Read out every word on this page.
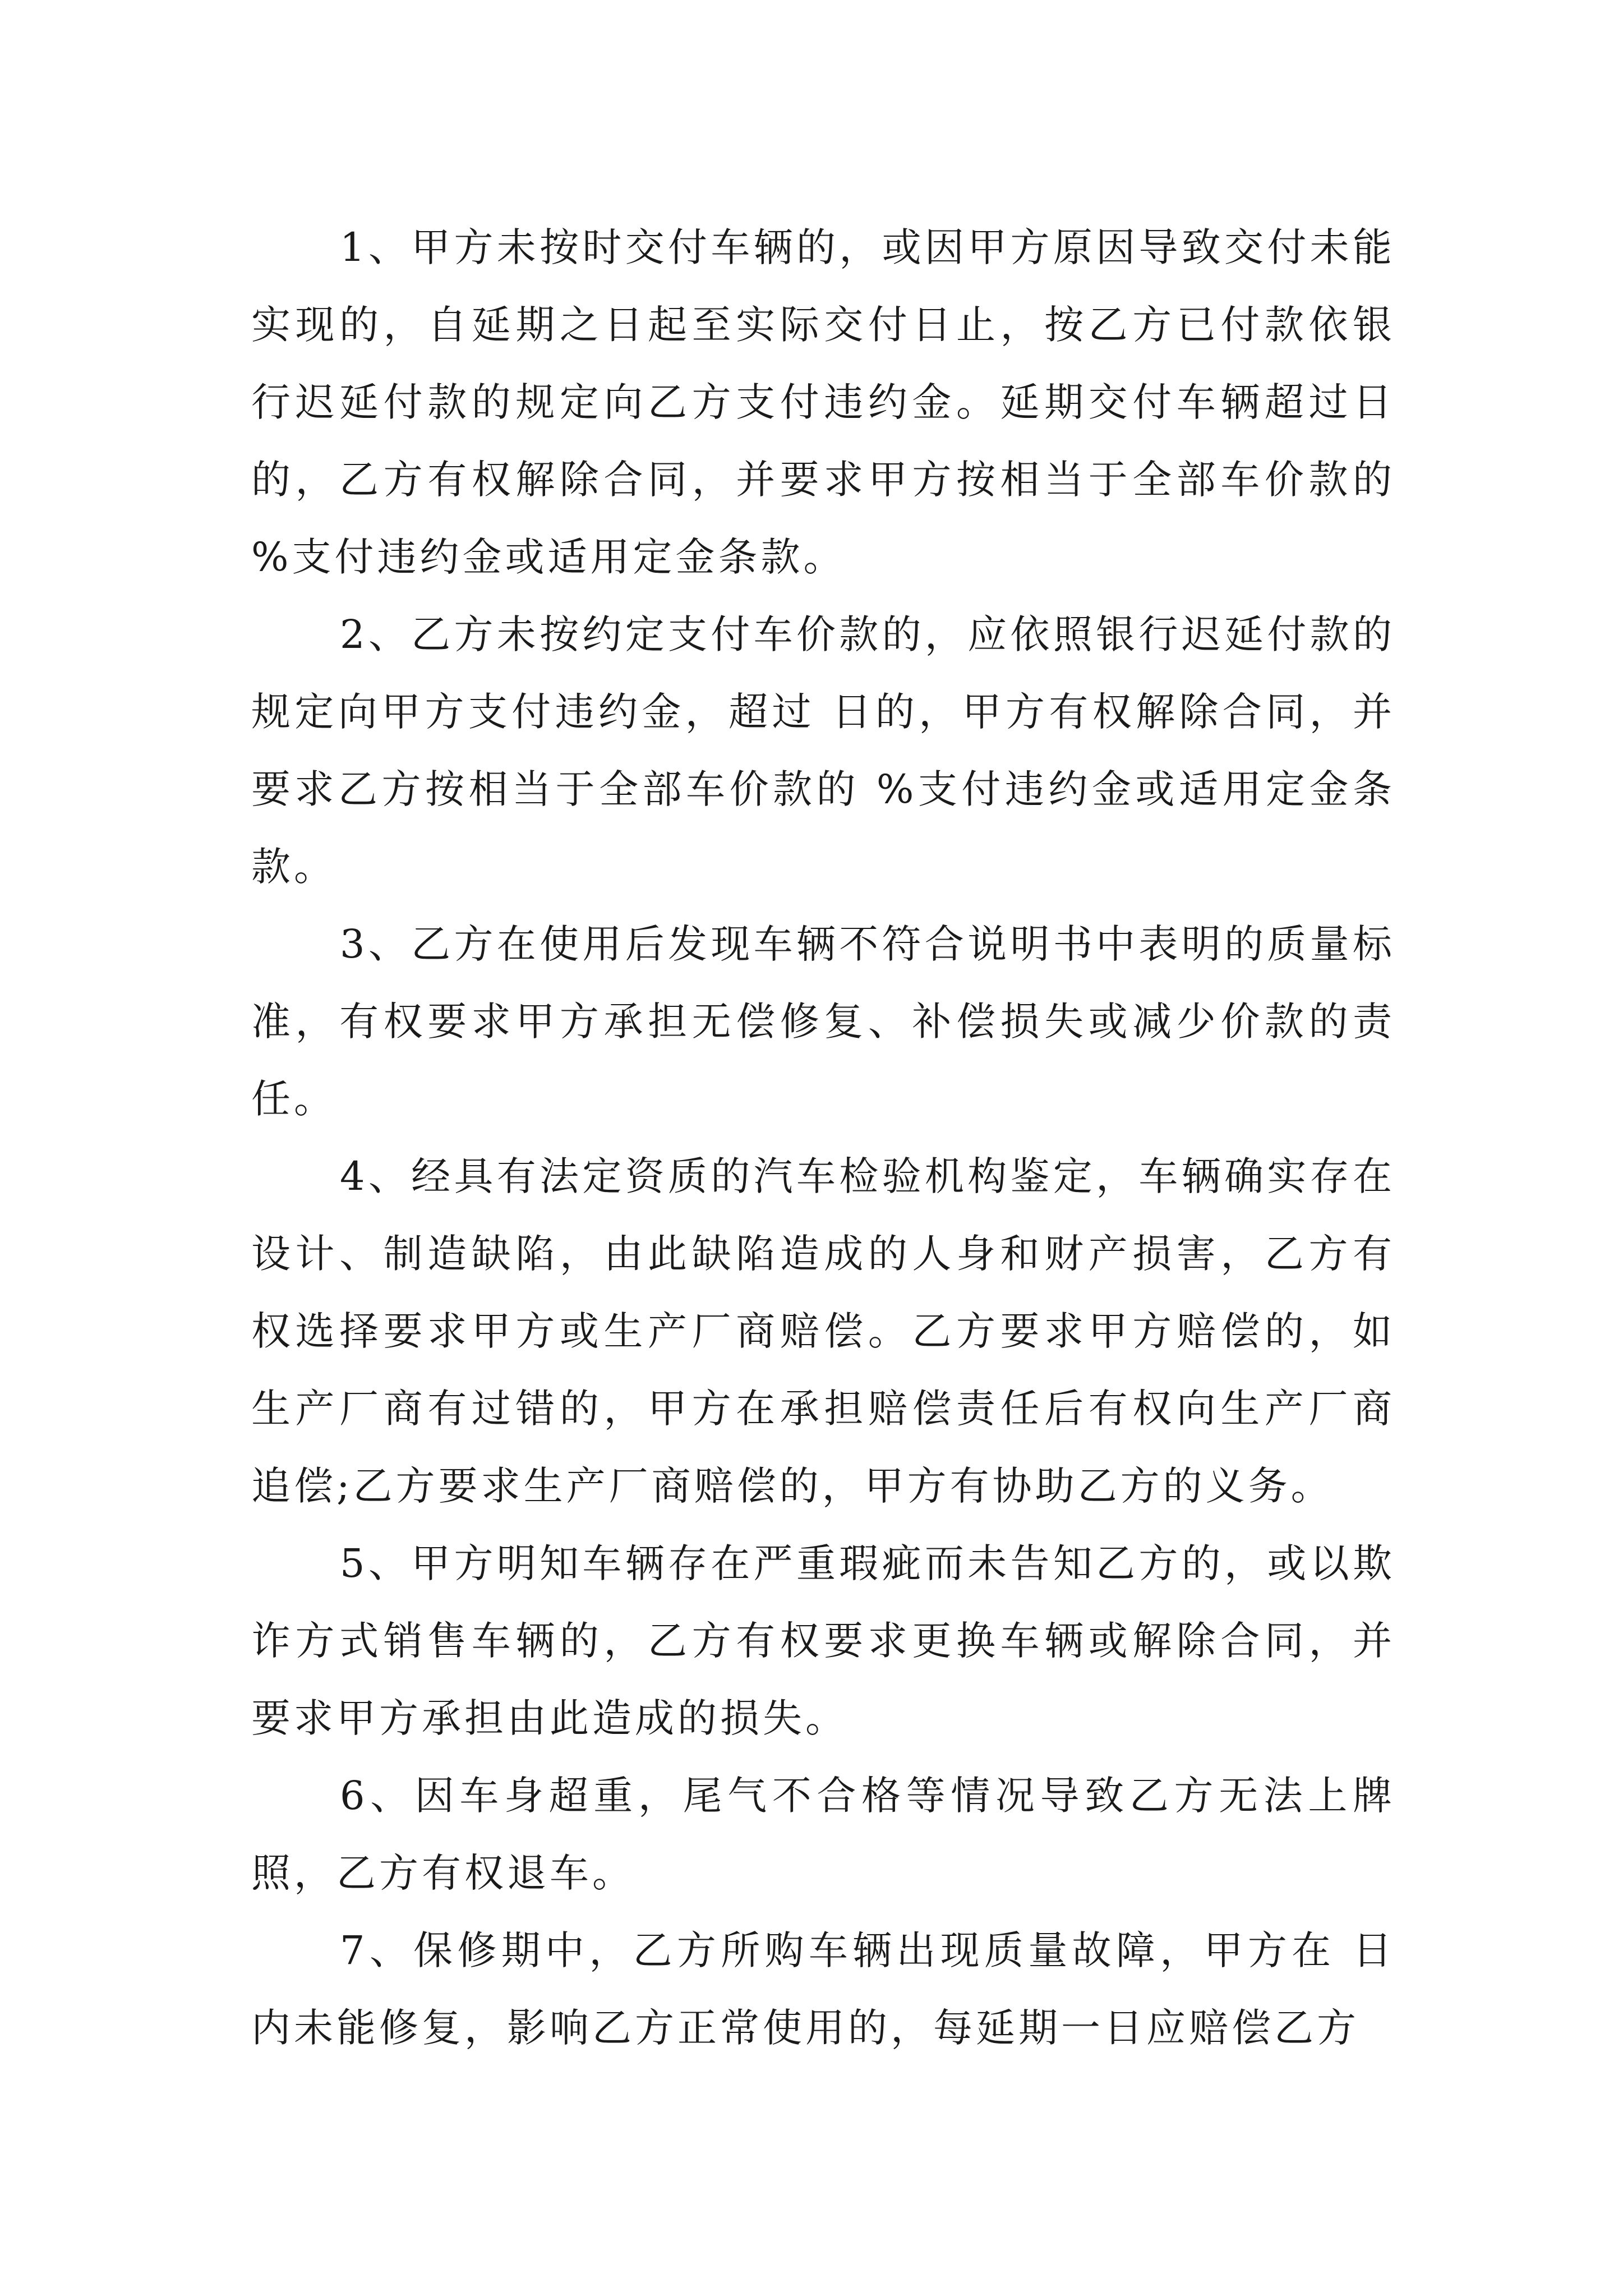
1、甲方未按时交付车辆的，或因甲方原因导致交付未能实现的，自延期之日起至实际交付日止，按乙方已付款依银行迟延付款的规定向乙方支付违约金。延期交付车辆超过日的，乙方有权解除合同，并要求甲方按相当于全部车价款的 %支付违约金或适用定金条款。

2、乙方未按约定支付车价款的，应依照银行迟延付款的规定向甲方支付违约金，超过 日的，甲方有权解除合同，并要求乙方按相当于全部车价款的 %支付违约金或适用定金条款。

3、乙方在使用后发现车辆不符合说明书中表明的质量标准，有权要求甲方承担无偿修复、补偿损失或减少价款的责任。

4、经具有法定资质的汽车检验机构鉴定，车辆确实存在设计、制造缺陷，由此缺陷造成的人身和财产损害，乙方有权选择要求甲方或生产厂商赔偿。乙方要求甲方赔偿的，如生产厂商有过错的，甲方在承担赔偿责任后有权向生产厂商追偿;乙方要求生产厂商赔偿的，甲方有协助乙方的义务。

5、甲方明知车辆存在严重瑕疵而未告知乙方的，或以欺诈方式销售车辆的，乙方有权要求更换车辆或解除合同，并要求甲方承担由此造成的损失。

6、因车身超重，尾气不合格等情况导致乙方无法上牌照，乙方有权退车。

7、保修期中，乙方所购车辆出现质量故障，甲方在 日内未能修复，影响乙方正常使用的，每延期一日应赔偿乙方
